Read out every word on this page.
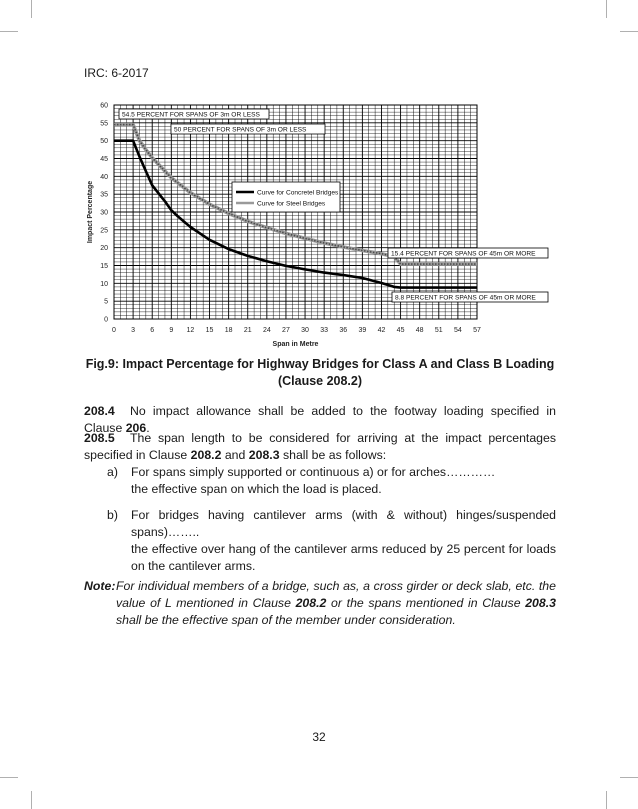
IRC: 6-2017
0 3 6 9 12 15 18 21 24 27 30 33 36 39 42 45 48 51 54 57
0
5
10
15
20
25
30
35
40
45
50
55
60
Span in Metre
Impact Percentage
54.5 PERCENT FOR SPANS OF 3m OR LESS
50 PERCENT FOR SPANS OF 3m OR LESS
15.4 PERCENT FOR SPANS OF 45m OR MORE
8.8 PERCENT FOR SPANS OF 45m OR MORE
Curve for Concretel Bridges
Curve for Steel Bridges
Fig.9: Impact Percentage for Highway Bridges for Class A and Class B Loading
(Clause 208.2)
208.4 No impact allowance shall be added to the footway loading specified in Clause 206.
208.5 The span length to be considered for arriving at the impact percentages specified in Clause 208.2 and 208.3 shall be as follows:
a) For spans simply supported or continuous a) or for arches…………
the effective span on which the load is placed.
b) For bridges having cantilever arms (with & without) hinges/suspended spans)……..
the effective over hang of the cantilever arms reduced by 25 percent for loads on the cantilever arms.
Note: For individual members of a bridge, such as, a cross girder or deck slab, etc. the value of L mentioned in Clause 208.2 or the spans mentioned in Clause 208.3 shall be the effective span of the member under consideration.
32
